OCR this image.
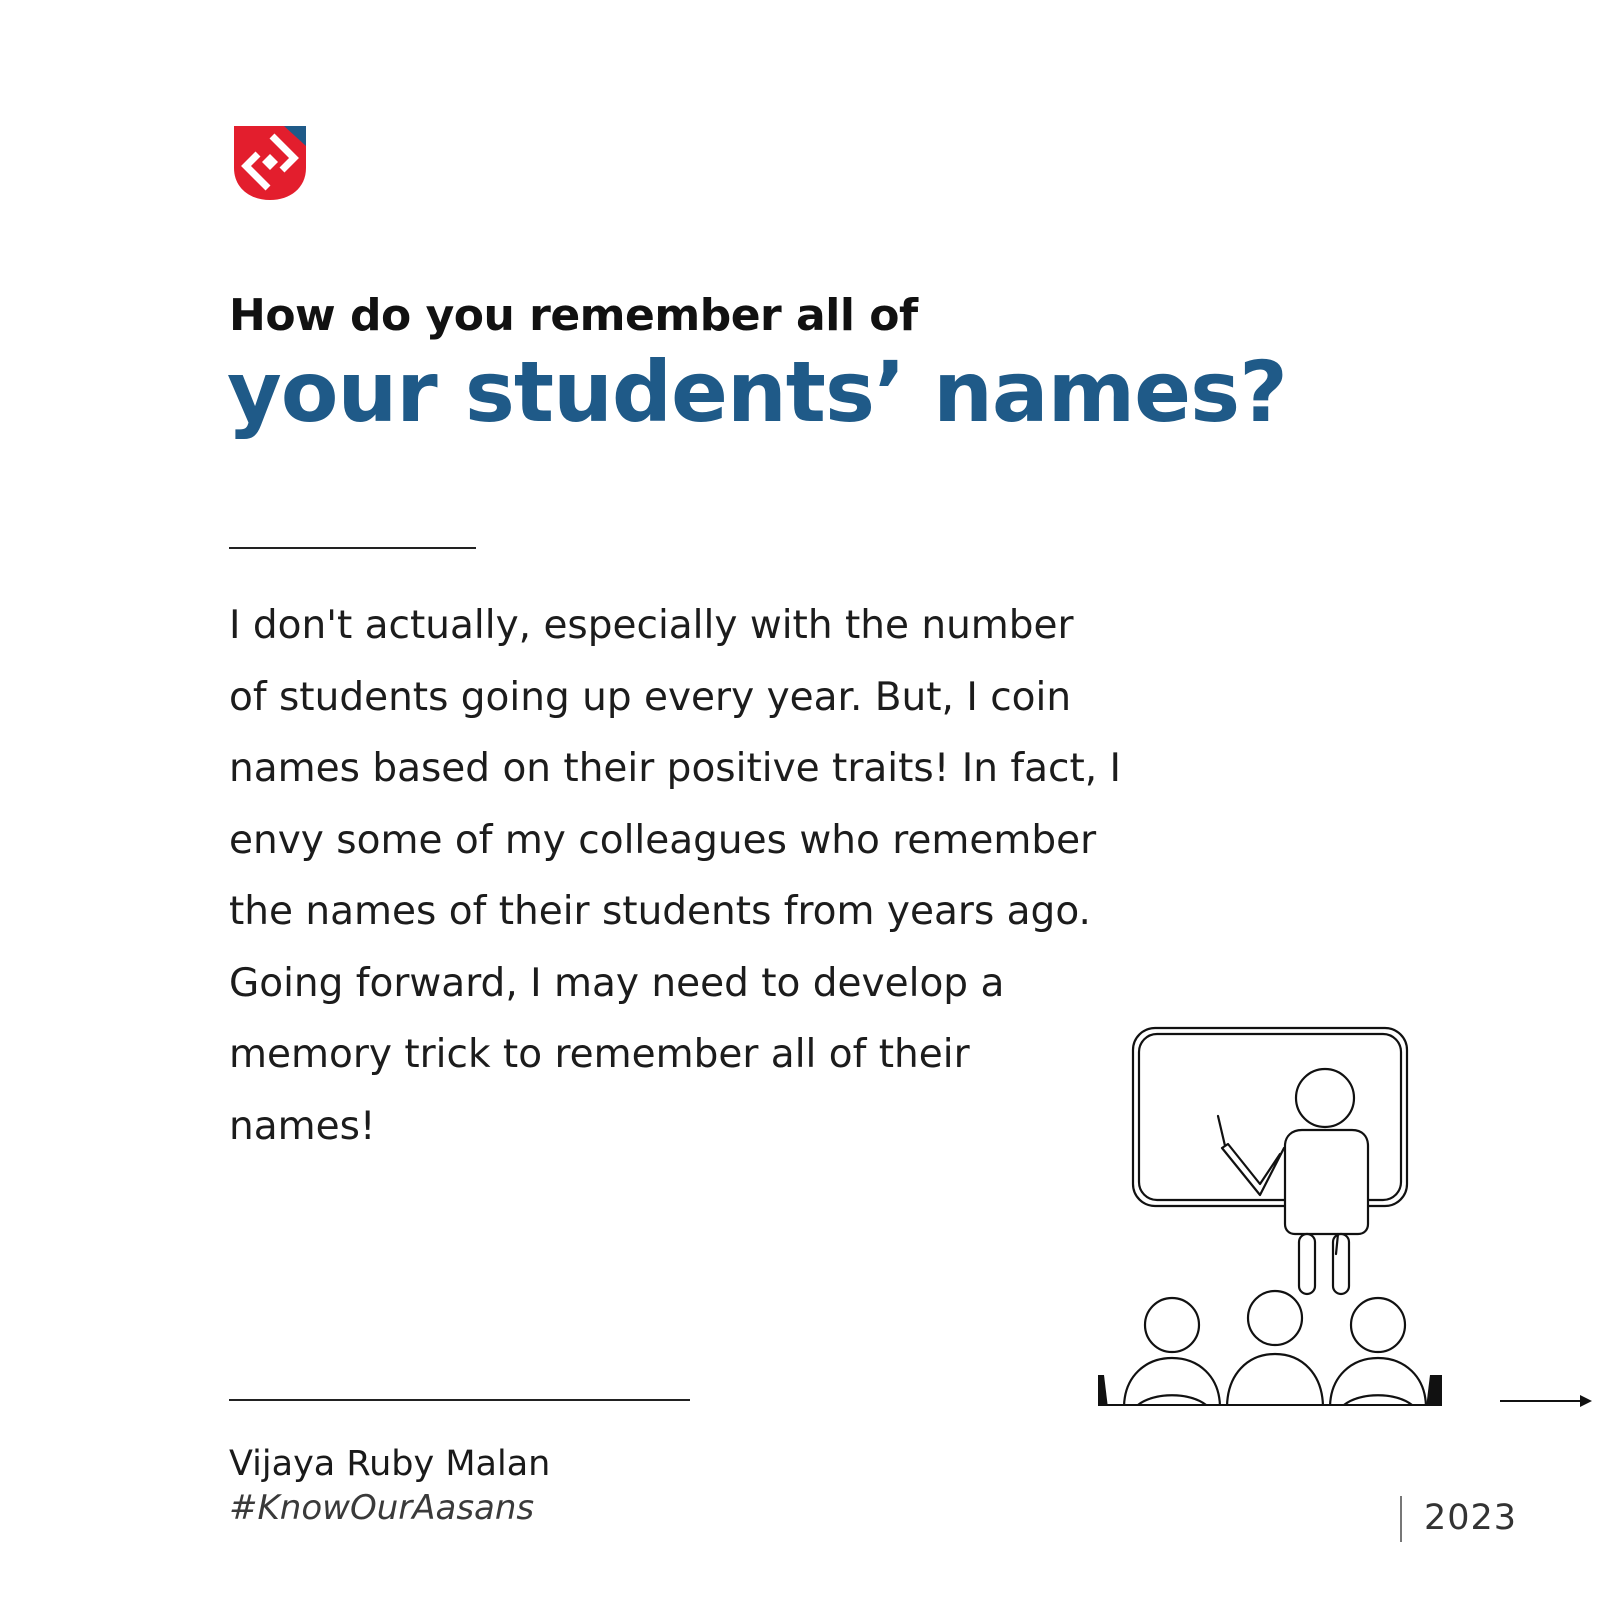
How do you remember all of
your students’ names?
I don't actually, especially with the number
of students going up every year. But, I coin
names based on their positive traits! In fact, I
envy some of my colleagues who remember
the names of their students from years ago.
Going forward, I may need to develop a
memory trick to remember all of their
names!
Vijaya Ruby Malan
#KnowOurAasans	2023
